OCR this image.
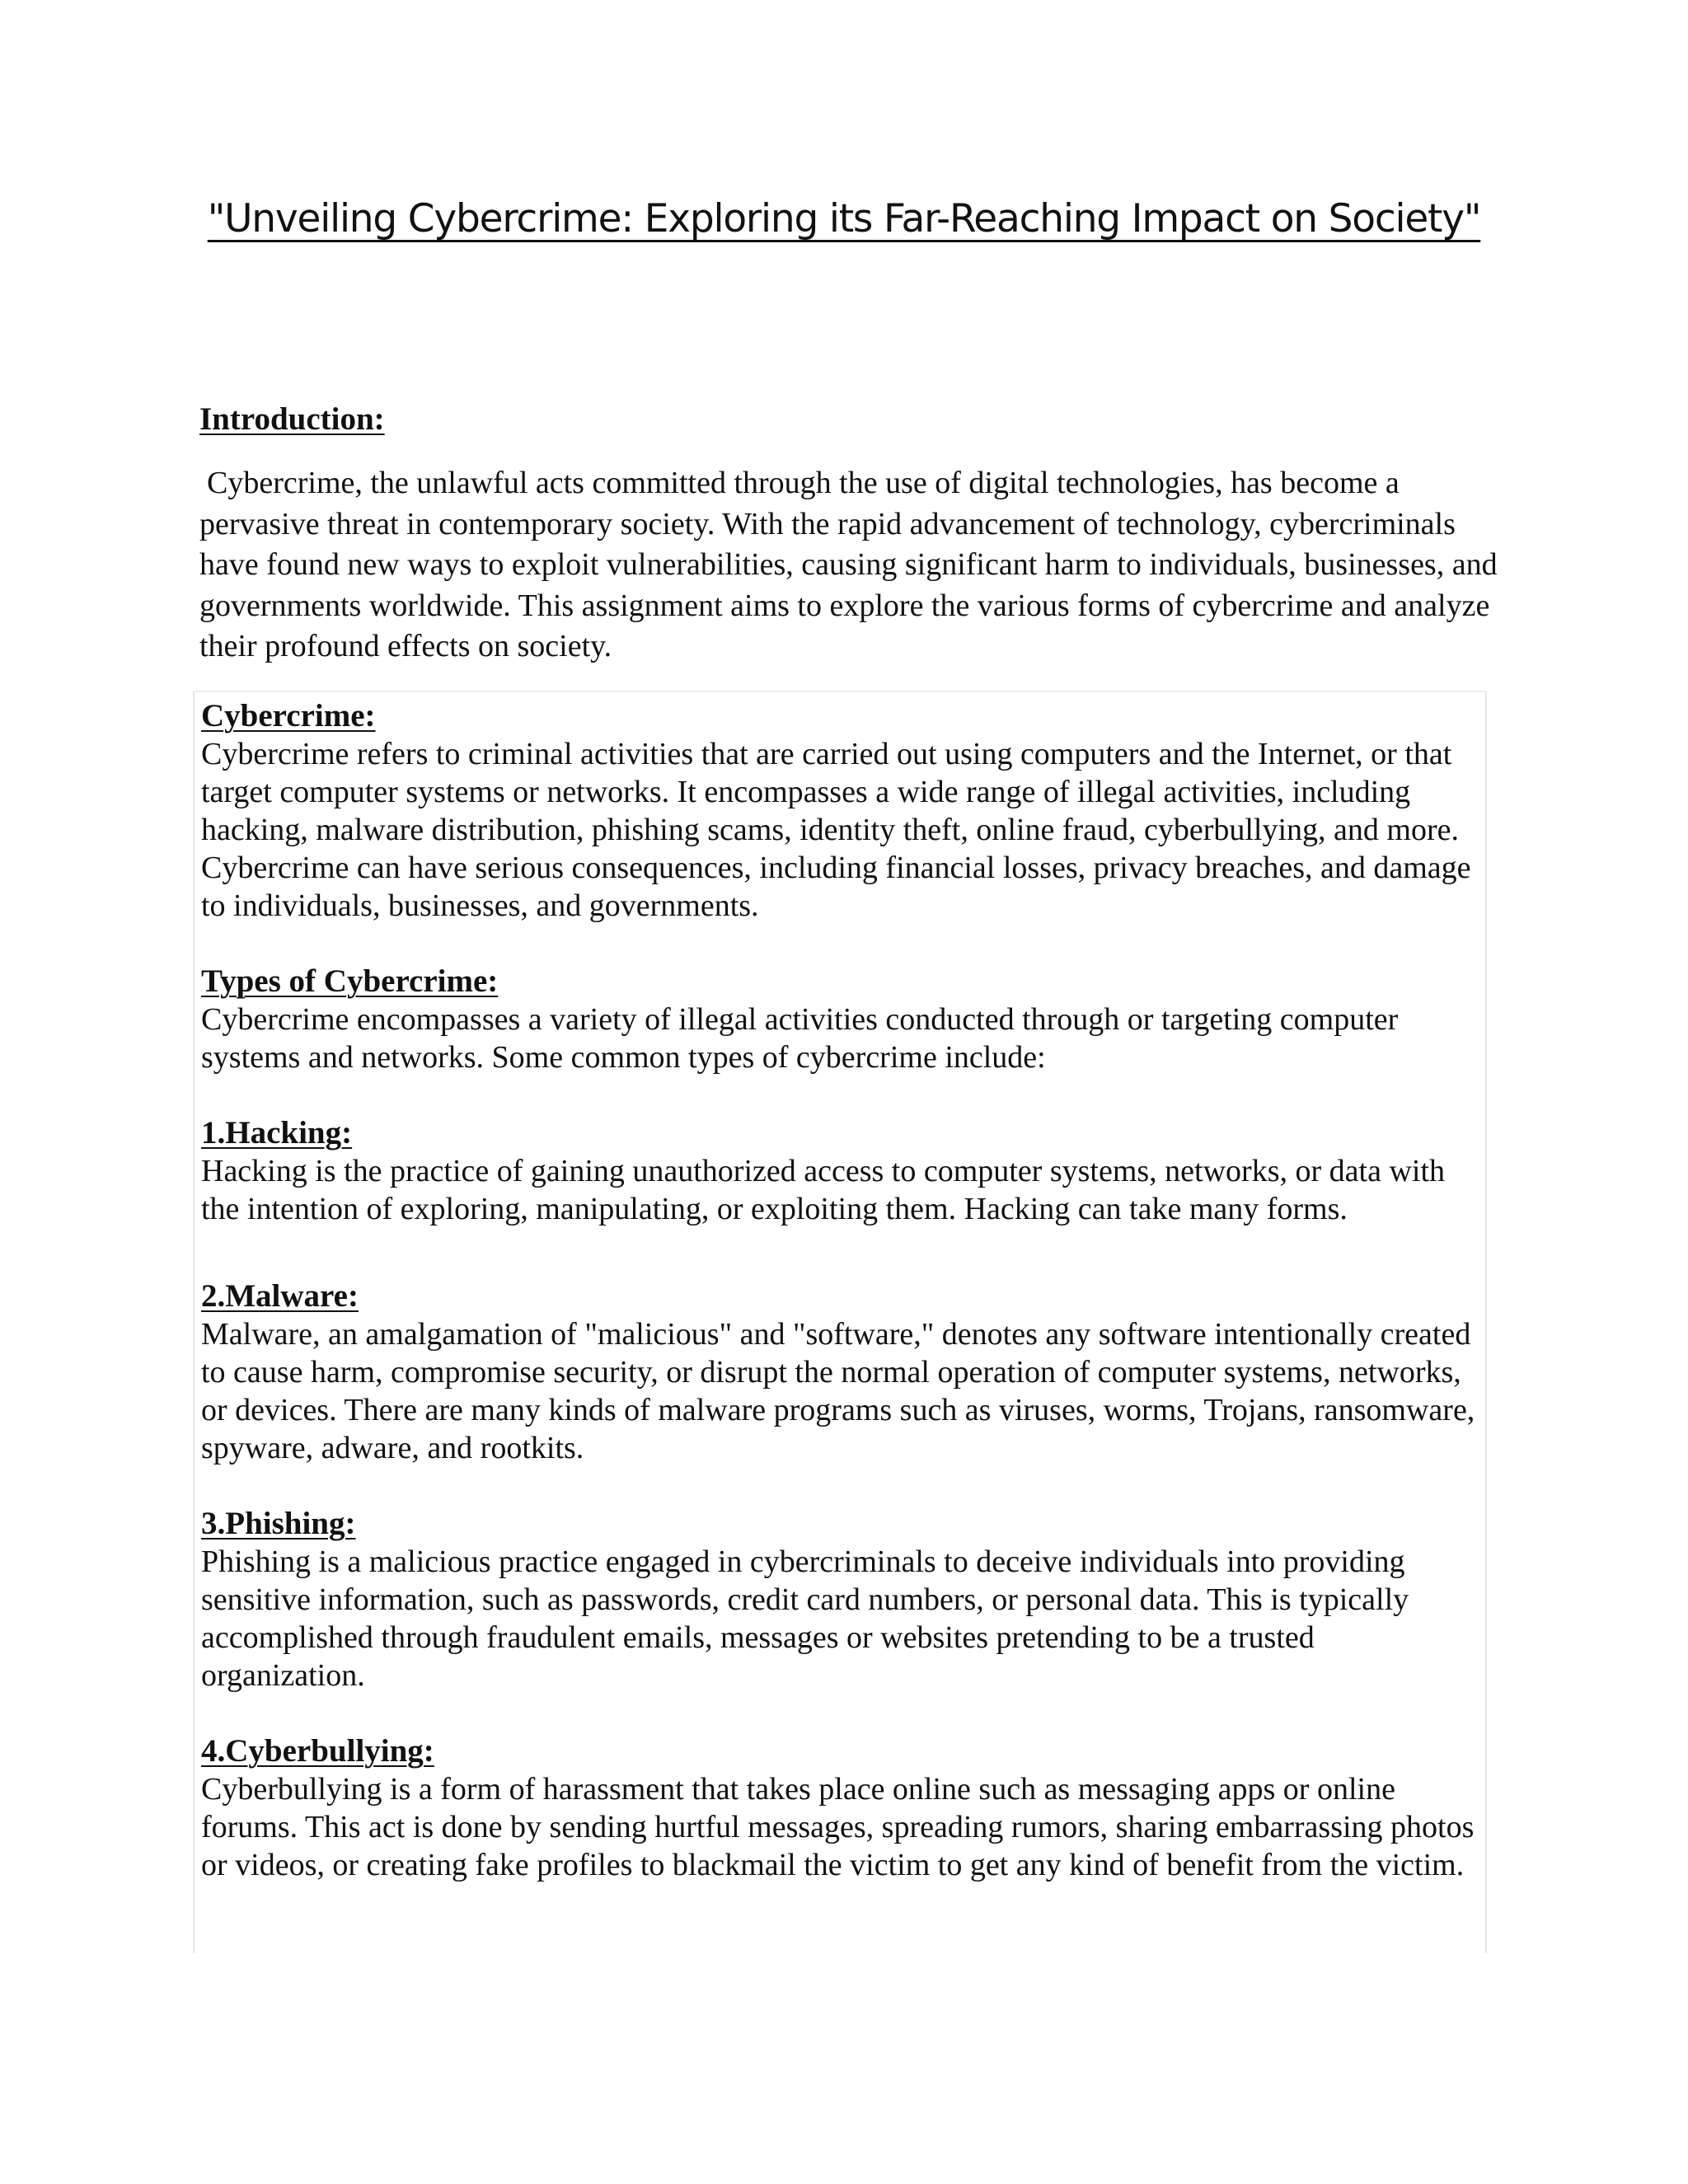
"Unveiling Cybercrime: Exploring its Far-Reaching Impact on Society"
Introduction:

Cybercrime, the unlawful acts committed through the use of digital technologies, has become a pervasive threat in contemporary society. With the rapid advancement of technology, cybercriminals have found new ways to exploit vulnerabilities, causing significant harm to individuals, businesses, and governments worldwide. This assignment aims to explore the various forms of cybercrime and analyze their profound effects on society.

Cybercrime:

Cybercrime refers to criminal activities that are carried out using computers and the Internet, or that target computer systems or networks. It encompasses a wide range of illegal activities, including hacking, malware distribution, phishing scams, identity theft, online fraud, cyberbullying, and more. Cybercrime can have serious consequences, including financial losses, privacy breaches, and damage to individuals, businesses, and governments.

Types of Cybercrime:

Cybercrime encompasses a variety of illegal activities conducted through or targeting computer systems and networks. Some common types of cybercrime include:

1.Hacking:

Hacking is the practice of gaining unauthorized access to computer systems, networks, or data with the intention of exploring, manipulating, or exploiting them. Hacking can take many forms.

2.Malware:

Malware, an amalgamation of "malicious" and "software," denotes any software intentionally created to cause harm, compromise security, or disrupt the normal operation of computer systems, networks, or devices. There are many kinds of malware programs such as viruses, worms, Trojans, ransomware, spyware, adware, and rootkits.

3.Phishing:

Phishing is a malicious practice engaged in cybercriminals to deceive individuals into providing sensitive information, such as passwords, credit card numbers, or personal data. This is typically accomplished through fraudulent emails, messages or websites pretending to be a trusted organization.

4.Cyberbullying:

Cyberbullying is a form of harassment that takes place online such as messaging apps or online forums. This act is done by sending hurtful messages, spreading rumors, sharing embarrassing photos or videos, or creating fake profiles to blackmail the victim to get any kind of benefit from the victim.
